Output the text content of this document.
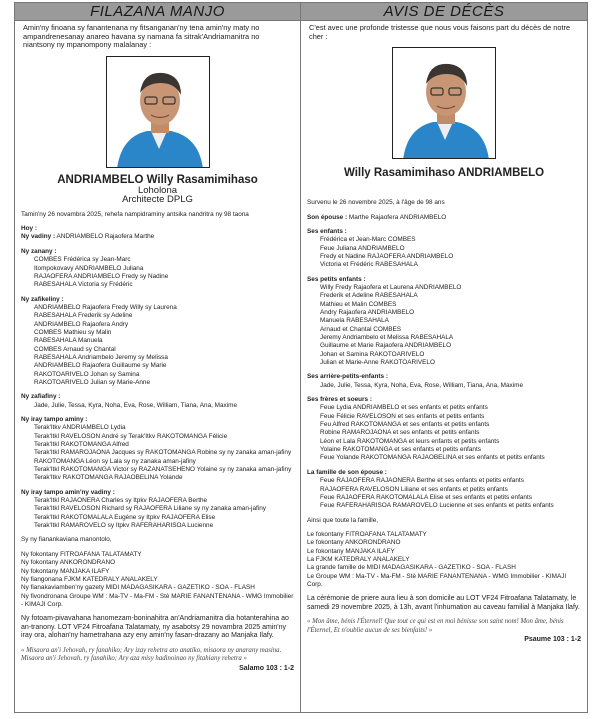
FILAZANA MANJO
Amin'ny finoana sy fanantenana ny fitsanganan'ny tena amin'ny maty no ampandrenesanay anareo havana sy namana fa sitrak'Andriamanitra no niantsony ny mpanompony malalanay :
ANDRIAMBELO Willy Rasamimihaso
Loholona
Architecte DPLG

Tamin'ny 26 novambra 2025, rehefa nampidraminy antsika nandritra ny 98 taona

Hoy :
Ny vadiny : ANDRIAMBELO Rajaofera Marthe

Ny zanany :
COMBES Frédérica sy Jean-Marc
Itompokovavy ANDRIAMBELO Juliana
RAJAOFERA ANDRIAMBELO Fredy sy Nadine
RABESAHALA Victoria sy Frédéric

Ny zafikeliny :
ANDRIAMBELO Rajaofera Fredy Willy sy Laurena
RABESAHALA Frederik sy Adeline
ANDRIAMBELO Rajaofera Andry
COMBES Mathieu sy Malin
RABESAHALA Manuela
COMBES Arnaud sy Chantal
RABESAHALA Andriambelo Jeremy sy Melissa
ANDRIAMBELO Rajaofera Guillaume sy Marie
RAKOTOARIVELO Johan sy Samina
RAKOTOARIVELO Julian sy Marie-Anne

Ny zafiafiny :
Jade, Julie, Tessa, Kyra, Noha, Eva, Rose, William, Tiana, Ana, Maxime

Ny iray tampo aminy :
Terak'Itkv ANDRIAMBELO Lydia
Terak'Itkl RAVELOSON André sy Terak'Itkv RAKOTOMANGA Félicie
Terak'Itkl RAKOTOMANGA Alfred
Terak'Itkl RAMAROJAONA Jacques sy RAKOTOMANGA Robine sy ny zanaka aman-jafiny
RAKOTOMANGA Léon sy Lala sy ny zanaka aman-jafiny
Terak'Itkl RAKOTOMANGA Victor sy RAZANATSEHENO Yolaine sy ny zanaka aman-jafiny
Terak'Itkv RAKOTOMANGA RAJAOBELINA Yolande

Ny iray tampo amin'ny vadiny :
Terak'Itkl RAJAONERA Charles sy Itpkv RAJAOFERA Berthe
Terak'Itkl RAVELOSON Richard sy RAJAOFERA Liliane sy ny zanaka aman-jafiny
Terak'Itkl RAKOTOMALALA Eugène sy Itpkv RAJAOFERA Elise
Terak'Itkl RAMAROVELO sy Itpkv RAFERAHARISOA Lucienne

Sy ny fianankaviana manontolo,

Ny fokontany FITROAFANA TALATAMATY
Ny fokontany ANKORONDRANO
Ny fokontany MANJAKA ILAFY
Ny fiangonana FJKM KATEDRALY ANALAKELY
Ny fianakaviamben'ny gazety MIDI MADAGASIKARA - GAZETIKO - SOA - FLASH
Ny fivondronana Groupe WM : Ma-TV - Ma-FM - Stè MARIE FANANTENANA - WMG Immobilier - KIMAJI Corp.

Ny fotoam-pivavahana hanomezam-boninahitra an'Andriamanitra dia hotanterahina ao an-tranony. LOT VF24 Fitroafana Talatamaty, ny asabotsy 29 novambra 2025 amin'ny iray ora, alohan'ny hametrahana azy eny amin'ny fasan-drazany ao Manjaka Ilafy.

« Misaora an'i Jehovah, ry fanahiko; Ary izay rehetra ato anatiko, misaora ny anarany masina. Misaora an'i Jehovah, ry fanahiko; Ary aza misy hadinoinao ny fitahiany rehetra »

Salamo 103 : 1-2
AVIS DE DÉCÈS
C'est avec une profonde tristesse que nous vous faisons part du décès de notre cher :
Willy Rasamimihaso ANDRIAMBELO

Survenu le 26 novembre 2025, à l'âge de 98 ans

Son épouse : Marthe Rajaofera ANDRIAMBELO

Ses enfants :
Frédérica et Jean-Marc COMBES
Feue Juliana ANDRIAMBELO
Fredy et Nadine RAJAOFERA ANDRIAMBELO
Victoria et Frédéric RABESAHALA

Ses petits enfants :
Willy Fredy Rajaofera et Laurena ANDRIAMBELO
Frederik et Adeline RABESAHALA
Mathieu et Malin COMBES
Andry Rajaofera ANDRIAMBELO
Manuela RABESAHALA
Arnaud et Chantal COMBES
Jeremy Andriambelo et Melissa RABESAHALA
Guillaume et Marie Rajaofera ANDRIAMBELO
Johan et Samina RAKOTOARIVELO
Julian et Marie-Anne RAKOTOARIVELO

Ses arrière-petits-enfants :
Jade, Julie, Tessa, Kyra, Noha, Eva, Rose, William, Tiana, Ana, Maxime

Ses frères et soeurs :
Feue Lydia ANDRIAMBELO et ses enfants et petits enfants
Feue Félicie RAVELOSON et ses enfants et petits enfants
Feu Alfred RAKOTOMANGA et ses enfants et petits enfants
Robine RAMAROJAONA et ses enfants et petits enfants
Léon et Lala RAKOTOMANGA et leurs enfants et petits enfants
Yolaine RAKOTOMANGA et ses enfants et petits enfants
Feue Yolande RAKOTOMANGA RAJAOBELINA et ses enfants et petits enfants

La famille de son épouse :
Feue RAJAOFERA RAJAONERA Berthe et ses enfants et petits enfants
RAJAOFERA RAVELOSON Liliane et ses enfants et petits enfants
Feue RAJAOFERA RAKOTOMALALA Elise et ses enfants et petits enfants
Feue RAFERAHARISOA RAMAROVELO Lucienne et ses enfants et petits enfants

Ainsi que toute la famille,

Le fokontany FITROAFANA TALATAMATY
Le fokontany ANKORONDRANO
Le fokontany MANJAKA ILAFY
La FJKM KATEDRALY ANALAKELY
La grande famille de MIDI MADAGASIKARA - GAZETIKO - SOA - FLASH
Le Groupe WM : Ma-TV - Ma-FM - Stè MARIE FANANTENANA - WMG Immobilier - KIMAJI Corp.

La cérémonie de priere aura lieu à son domicile au LOT VF24 Fitroafana Talatamaty, le samedi 29 novembre 2025, à 13h, avant l'inhumation au caveau familial à Manjaka Ilafy.

« Mon âme, bénis l'Éternel! Que tout ce qui est en moi bénisse son saint nom! Mon âme, bénis l'Éternel, Et n'oublie aucun de ses bienfaits! »

Psaume 103 : 1-2
